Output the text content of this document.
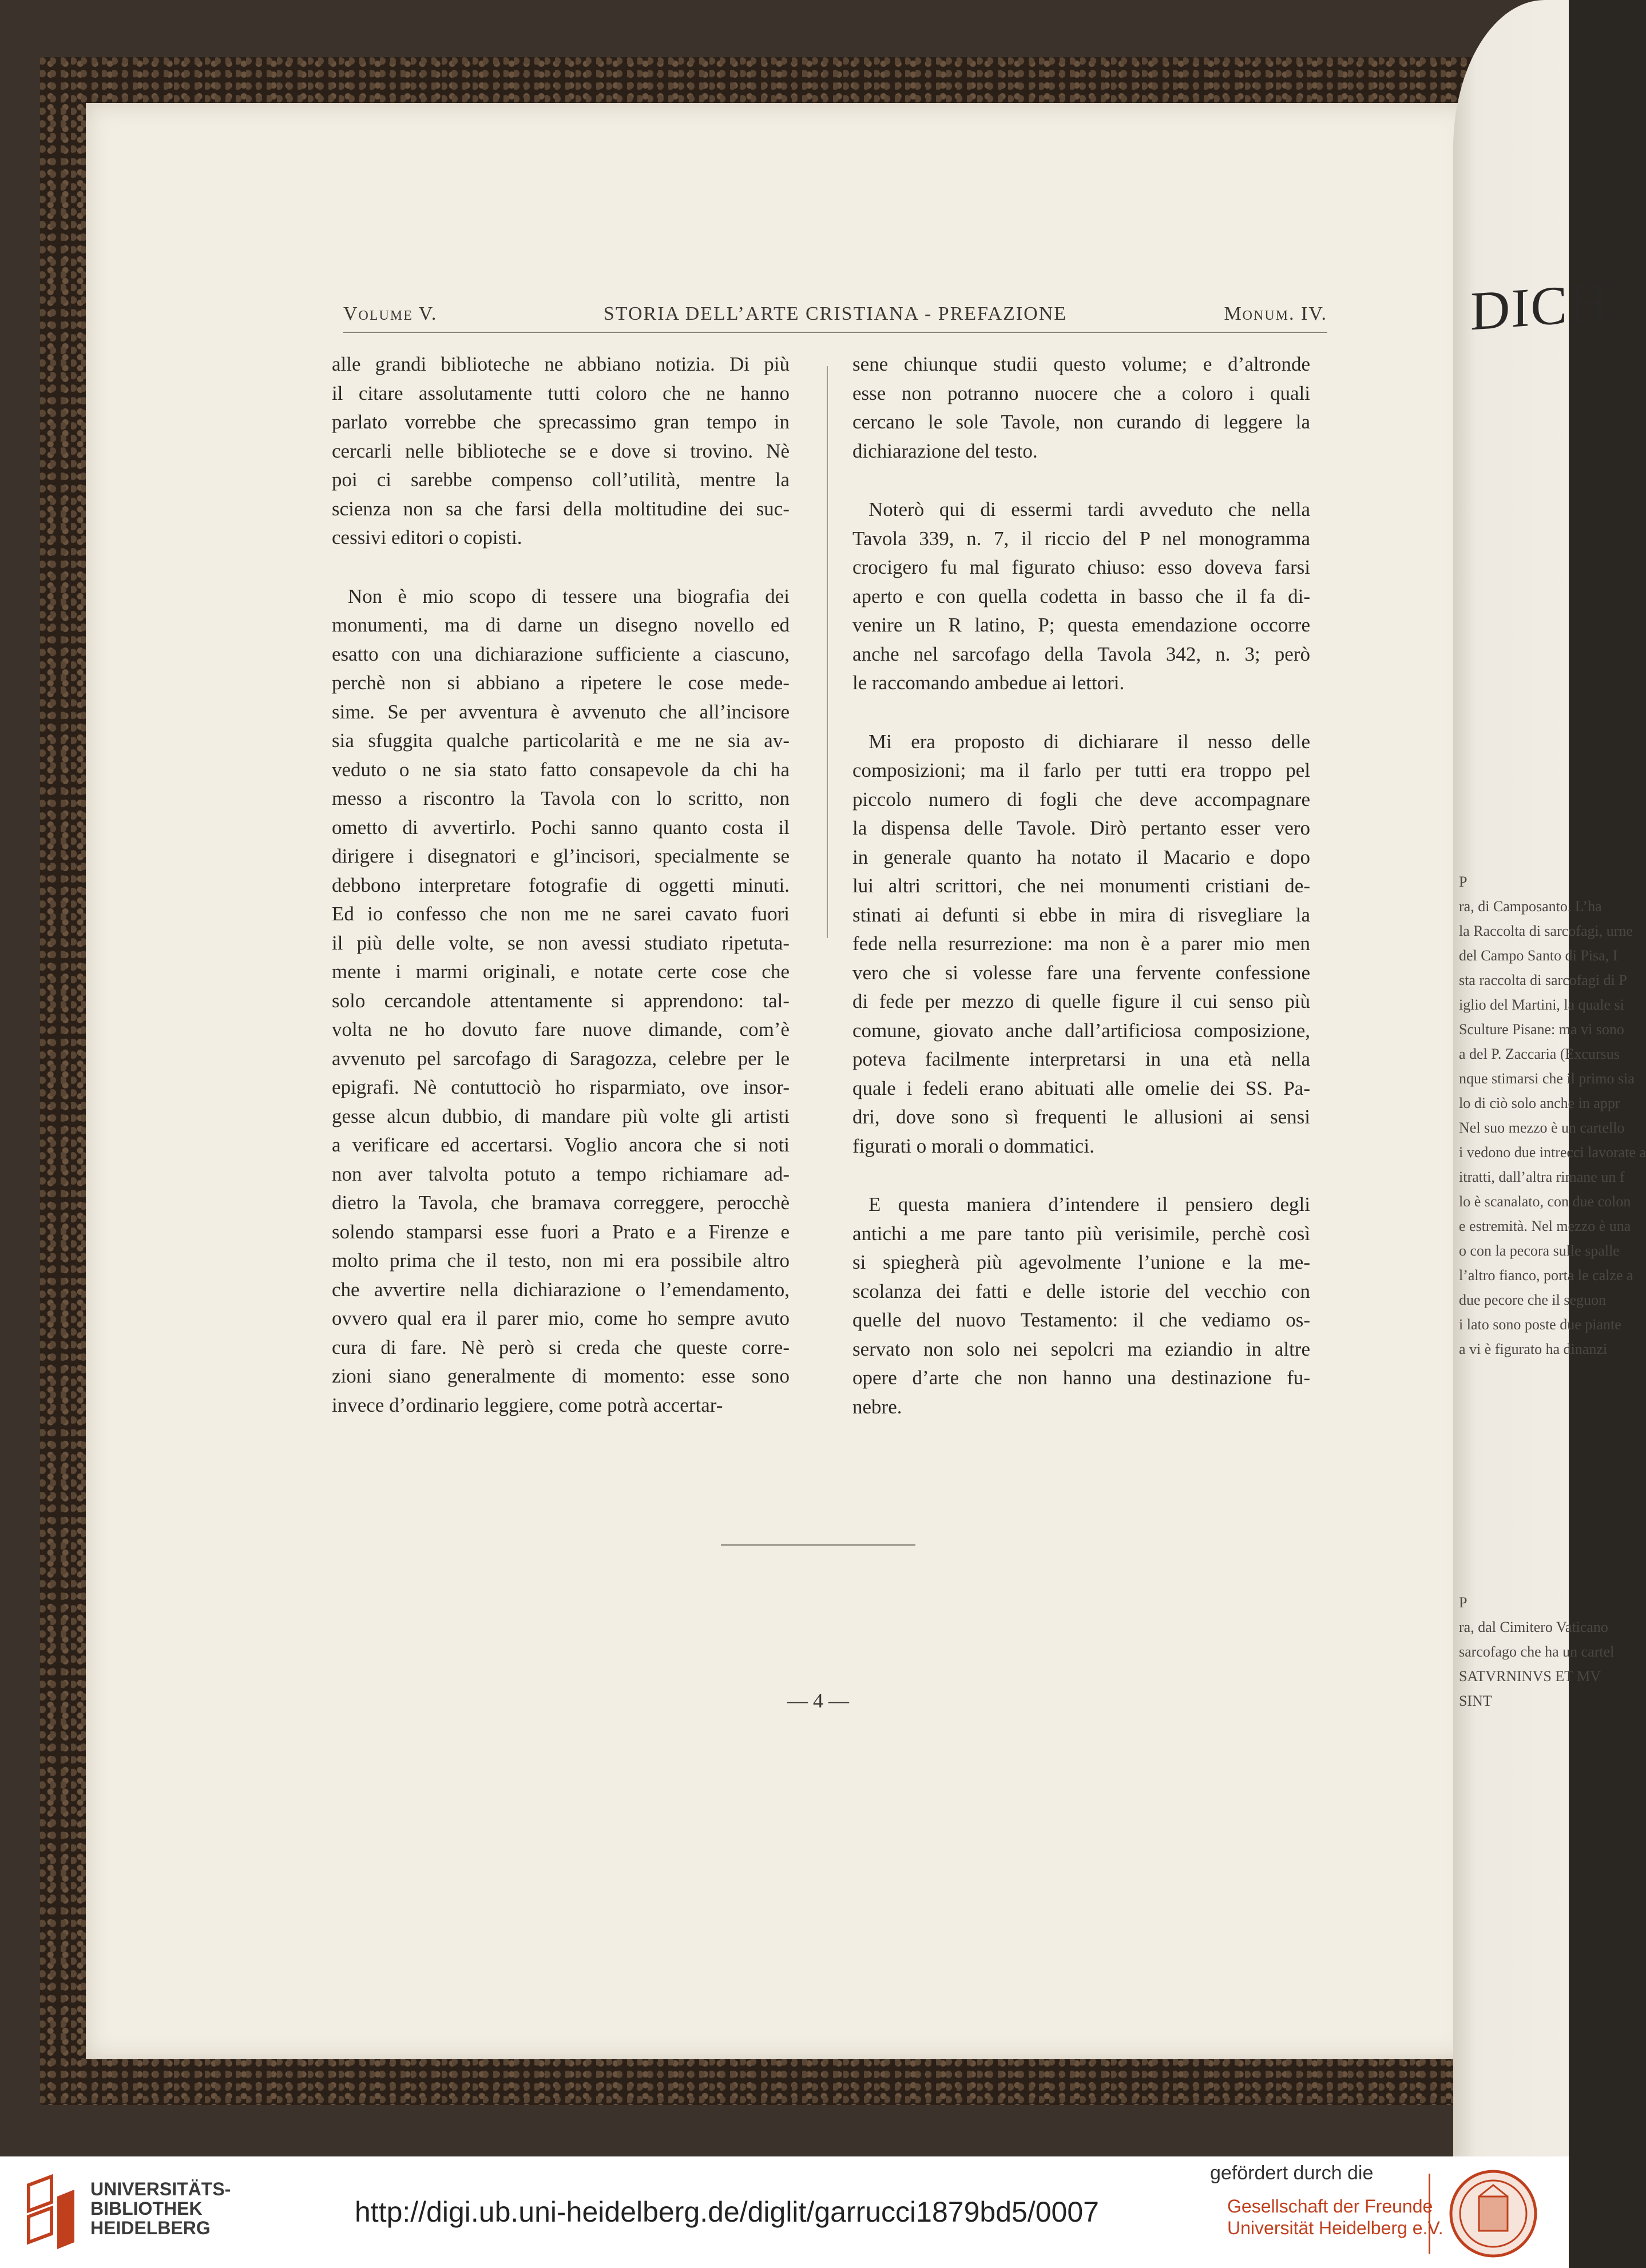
Volume V.	STORIA DELL’ARTE CRISTIANA - PREFAZIONE	Monum. IV.

alle grandi biblioteche ne abbiano notizia. Di più

il citare assolutamente tutti coloro che ne hanno

parlato vorrebbe che sprecassimo gran tempo in

cercarli nelle biblioteche se e dove si trovino. Nè

poi ci sarebbe compenso coll’utilità, mentre la

scienza non sa che farsi della moltitudine dei suc-

cessivi editori o copisti.

Non è mio scopo di tessere una biografia dei

monumenti, ma di darne un disegno novello ed

esatto con una dichiarazione sufficiente a ciascuno,

perchè non si abbiano a ripetere le cose mede-

sime. Se per avventura è avvenuto che all’incisore

sia sfuggita qualche particolarità e me ne sia av-

veduto o ne sia stato fatto consapevole da chi ha

messo a riscontro la Tavola con lo scritto, non

ometto di avvertirlo. Pochi sanno quanto costa il

dirigere i disegnatori e gl’incisori, specialmente se

debbono interpretare fotografie di oggetti minuti.

Ed io confesso che non me ne sarei cavato fuori

il più delle volte, se non avessi studiato ripetuta-

mente i marmi originali, e notate certe cose che

solo cercandole attentamente si apprendono: tal-

volta ne ho dovuto fare nuove dimande, com’è

avvenuto pel sarcofago di Saragozza, celebre per le

epigrafi. Nè contuttociò ho risparmiato, ove insor-

gesse alcun dubbio, di mandare più volte gli artisti

a verificare ed accertarsi. Voglio ancora che si noti

non aver talvolta potuto a tempo richiamare ad-

dietro la Tavola, che bramava correggere, perocchè

solendo stamparsi esse fuori a Prato e a Firenze e

molto prima che il testo, non mi era possibile altro

che avvertire nella dichiarazione o l’emendamento,

ovvero qual era il parer mio, come ho sempre avuto

cura di fare. Nè però si creda che queste corre-

zioni siano generalmente di momento: esse sono

invece d’ordinario leggiere, come potrà accertar-

sene chiunque studii questo volume; e d’altronde

esse non potranno nuocere che a coloro i quali

cercano le sole Tavole, non curando di leggere la

dichiarazione del testo.

Noterò qui di essermi tardi avveduto che nella

Tavola 339, n. 7, il riccio del P nel monogramma

crocigero fu mal figurato chiuso: esso doveva farsi

aperto e con quella codetta in basso che il fa di-

venire un R latino, P; questa emendazione occorre

anche nel sarcofago della Tavola 342, n. 3; però

le raccomando ambedue ai lettori.

Mi era proposto di dichiarare il nesso delle

composizioni; ma il farlo per tutti era troppo pel

piccolo numero di fogli che deve accompagnare

la dispensa delle Tavole. Dirò pertanto esser vero

in generale quanto ha notato il Macario e dopo

lui altri scrittori, che nei monumenti cristiani de-

stinati ai defunti si ebbe in mira di risvegliare la

fede nella resurrezione: ma non è a parer mio men

vero che si volesse fare una fervente confessione

di fede per mezzo di quelle figure il cui senso più

comune, giovato anche dall’artificiosa composizione,

poteva facilmente interpretarsi in una età nella

quale i fedeli erano abituati alle omelie dei SS. Pa-

dri, dove sono sì frequenti le allusioni ai sensi

figurati o morali o dommatici.

E questa maniera d’intendere il pensiero degli

antichi a me pare tanto più verisimile, perchè così

si spiegherà più agevolmente l’unione e la me-

scolanza dei fatti e delle istorie del vecchio con

quelle del nuovo Testamento: il che vediamo os-

servato non solo nei sepolcri ma eziandio in altre

opere d’arte che non hanno una destinazione fu-

nebre.

— 4 —
DICH
P
ra, di Camposanto. L’ha
la Raccolta di sarcofagi, urne
del Campo Santo di Pisa, I
sta raccolta di sarcofagi di P
iglio del Martini, la quale si
Sculture Pisane: ma vi sono
a del P. Zaccaria (Excursus
nque stimarsi che il primo sia
lo di ciò solo anche in appr
Nel suo mezzo è un cartello
i vedono due intrecci lavorate a
itratti, dall’altra rimane un f
lo è scanalato, con due colon
e estremità. Nel mezzo è una
o con la pecora sulle spalle
l’altro fianco, porta le calze a
due pecore che il seguon
i lato sono poste due piante
a vi è figurato ha dinanzi
P
ra, dal Cimitero Vaticano
sarcofago che ha un cartel
SATVRNINVS ET MV
SINT
UNIVERSITÄTS-
BIBLIOTHEK
HEIDELBERG	http://digi.ub.uni-heidelberg.de/diglit/garrucci1879bd5/0007
gefördert durch die
Gesellschaft der Freunde
Universität Heidelberg e.V.
